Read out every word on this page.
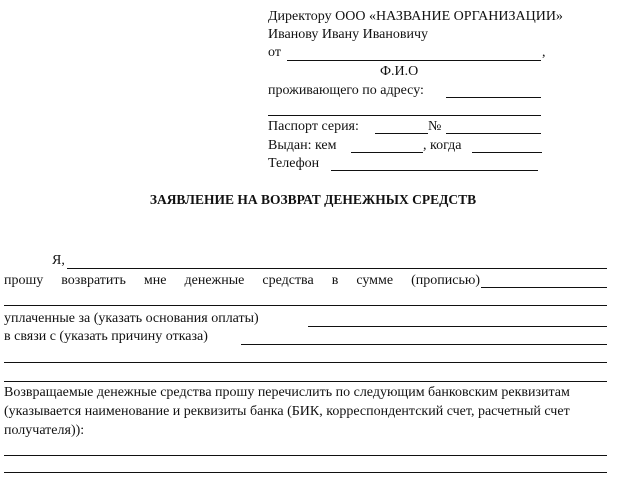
Директору ООО «НАЗВАНИЕ ОРГАНИЗАЦИИ»
Иванову Ивану Ивановичу
от	,
Ф.И.О
проживающего по адресу:
Паспорт серия:	№
Выдан: кем	, когда
Телефон
ЗАЯВЛЕНИЕ НА ВОЗВРАТ ДЕНЕЖНЫХ СРЕДСТВ
Я,
прошу возвратить мне денежные средства в сумме (прописью)
уплаченные за (указать основания оплаты)
в связи с (указать причину отказа)
Возвращаемые денежные средства прошу перечислить по следующим банковским реквизитам (указывается наименование и реквизиты банка (БИК, корреспондентский счет, расчетный счет получателя)):
